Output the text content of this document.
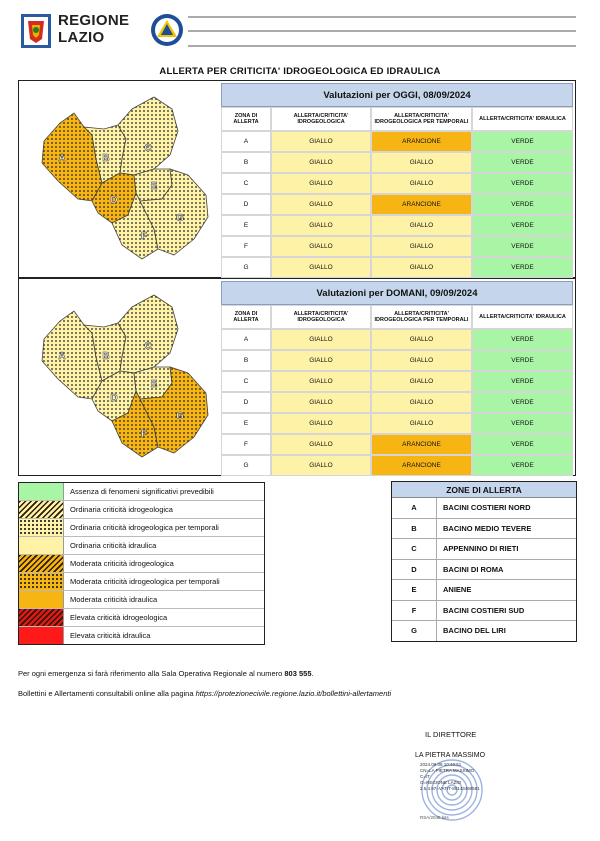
REGIONE
LAZIO
ALLERTA PER CRITICITA' IDROGEOLOGICA ED IDRAULICA
A	B
C
D
E
F
G
Valutazioni per OGGI, 08/09/2024
ZONA DI ALLERTA
ALLERTA/CRITICITA' IDROGEOLOGICA
ALLERTA/CRITICITA' IDROGEOLOGICA PER TEMPORALI
ALLERTA/CRITICITA' IDRAULICA
A	GIALLO	ARANCIONE	VERDE
B	GIALLO	GIALLO	VERDE
C	GIALLO	GIALLO	VERDE
D	GIALLO	ARANCIONE	VERDE
E	GIALLO	GIALLO	VERDE
F	GIALLO	GIALLO	VERDE
G	GIALLO	GIALLO	VERDE
A	B
C
D
E
F
G
Valutazioni per DOMANI, 09/09/2024
ZONA DI ALLERTA
ALLERTA/CRITICITA' IDROGEOLOGICA
ALLERTA/CRITICITA' IDROGEOLOGICA PER TEMPORALI
ALLERTA/CRITICITA' IDRAULICA
A	GIALLO	GIALLO	VERDE
B	GIALLO	GIALLO	VERDE
C	GIALLO	GIALLO	VERDE
D	GIALLO	GIALLO	VERDE
E	GIALLO	GIALLO	VERDE
F	GIALLO	ARANCIONE	VERDE
G	GIALLO	ARANCIONE	VERDE
Assenza di fenomeni significativi prevedibili
Ordinaria criticità idrogeologica
Ordinaria criticità idrogeologica per temporali
Ordinaria criticità idraulica
Moderata criticità idrogeologica
Moderata criticità idrogeologica per temporali
Moderata criticità idraulica
Elevata criticità idrogeologica
Elevata criticità idraulica
ZONE DI ALLERTA
A	BACINI COSTIERI NORD
B	BACINO MEDIO TEVERE
C	APPENNINO DI RIETI
D	BACINI DI ROMA
E	ANIENE
F	BACINI COSTIERI SUD
G	BACINO DEL LIRI
Per ogni emergenza si farà riferimento alla Sala Operativa Regionale al numero 803 555.
Bollettini e Allertamenti consultabili online alla pagina https://protezionecivile.regione.lazio.it/bollettini-allertamenti
IL DIRETTORE
LA PIETRA MASSIMO
2024.09.08 10:49:51
CN=LA PIETRA MASSIMO
C=IT
O=REGIONE LAZIO
2.5.4.97=VATIT-80143490581
RSA/2048 bits
